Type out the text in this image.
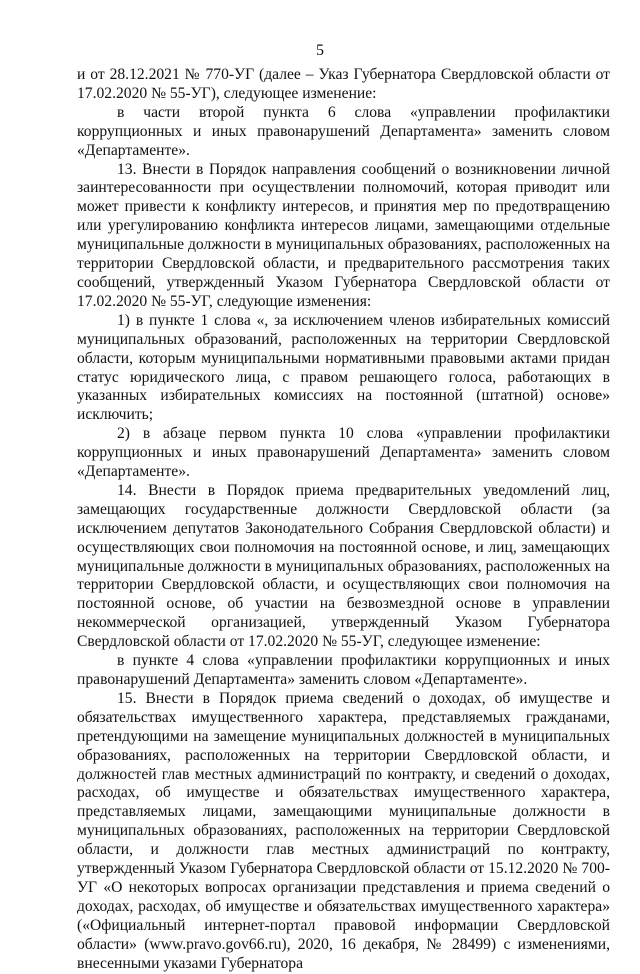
5

и от 28.12.2021 № 770-УГ (далее – Указ Губернатора Свердловской области от 17.02.2020 № 55-УГ), следующее изменение:

в части второй пункта 6 слова «управлении профилактики коррупционных и иных правонарушений Департамента» заменить словом «Департаменте».

13. Внести в Порядок направления сообщений о возникновении личной заинтересованности при осуществлении полномочий, которая приводит или может привести к конфликту интересов, и принятия мер по предотвращению или урегулированию конфликта интересов лицами, замещающими отдельные муниципальные должности в муниципальных образованиях, расположенных на территории Свердловской области, и предварительного рассмотрения таких сообщений, утвержденный Указом Губернатора Свердловской области от 17.02.2020 № 55-УГ, следующие изменения:

1) в пункте 1 слова «, за исключением членов избирательных комиссий муниципальных образований, расположенных на территории Свердловской области, которым муниципальными нормативными правовыми актами придан статус юридического лица, с правом решающего голоса, работающих в указанных избирательных комиссиях на постоянной (штатной) основе» исключить;

2) в абзаце первом пункта 10 слова «управлении профилактики коррупционных и иных правонарушений Департамента» заменить словом «Департаменте».

14. Внести в Порядок приема предварительных уведомлений лиц, замещающих государственные должности Свердловской области (за исключением депутатов Законодательного Собрания Свердловской области) и осуществляющих свои полномочия на постоянной основе, и лиц, замещающих муниципальные должности в муниципальных образованиях, расположенных на территории Свердловской области, и осуществляющих свои полномочия на постоянной основе, об участии на безвозмездной основе в управлении некоммерческой организацией, утвержденный Указом Губернатора Свердловской области от 17.02.2020 № 55-УГ, следующее изменение:

в пункте 4 слова «управлении профилактики коррупционных и иных правонарушений Департамента» заменить словом «Департаменте».

15. Внести в Порядок приема сведений о доходах, об имуществе и обязательствах имущественного характера, представляемых гражданами, претендующими на замещение муниципальных должностей в муниципальных образованиях, расположенных на территории Свердловской области, и должностей глав местных администраций по контракту, и сведений о доходах, расходах, об имуществе и обязательствах имущественного характера, представляемых лицами, замещающими муниципальные должности в муниципальных образованиях, расположенных на территории Свердловской области, и должности глав местных администраций по контракту, утвержденный Указом Губернатора Свердловской области от 15.12.2020 № 700-УГ «О некоторых вопросах организации представления и приема сведений о доходах, расходах, об имуществе и обязательствах имущественного характера» («Официальный интернет-портал правовой информации Свердловской области» (www.pravo.gov66.ru), 2020, 16 декабря, № 28499) с изменениями, внесенными указами Губернатора
